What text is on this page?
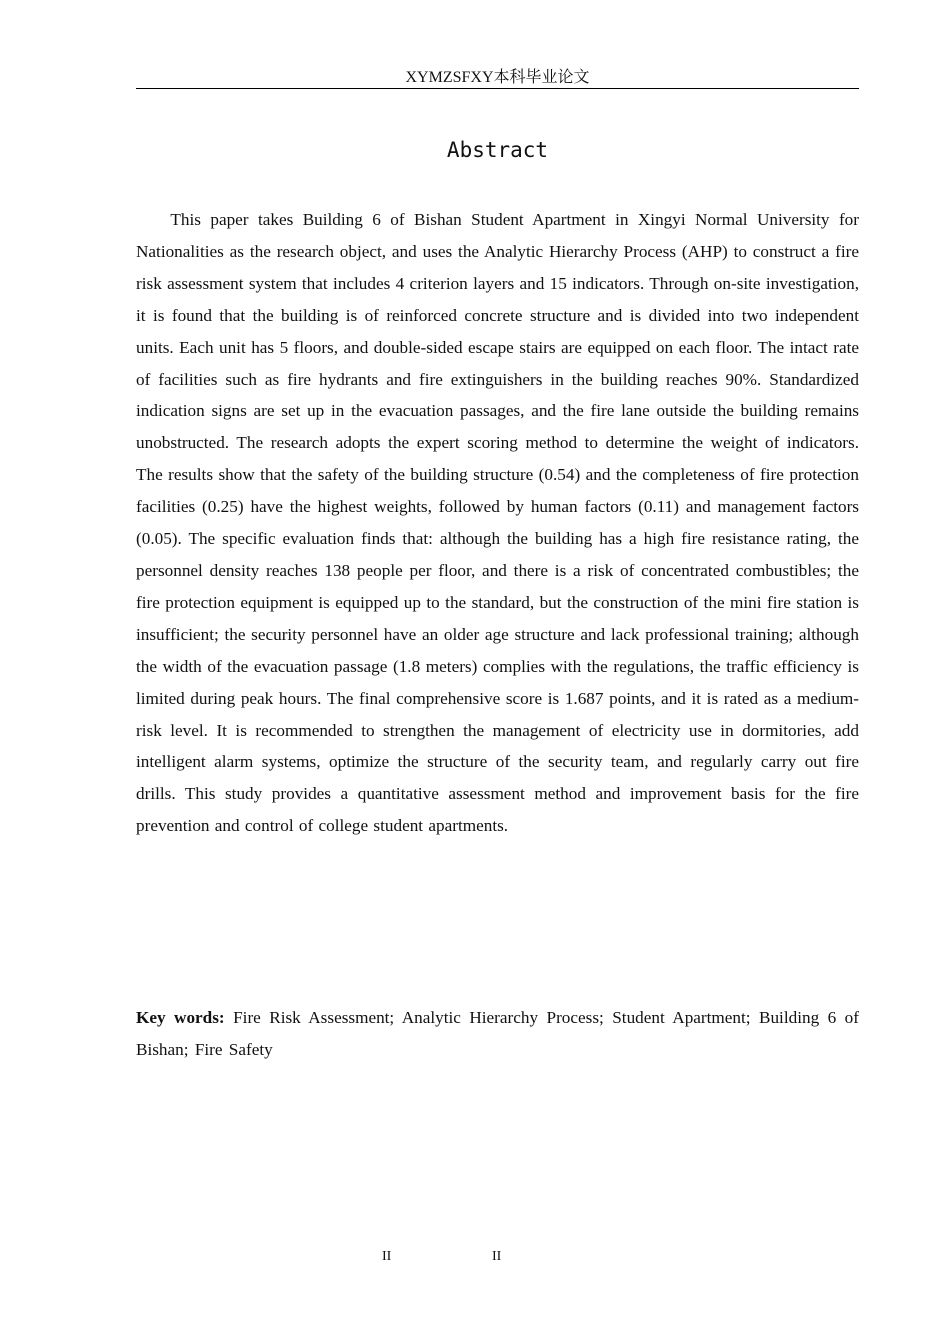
XYMZSFXY本科毕业论文
Abstract

This paper takes Building 6 of Bishan Student Apartment in Xingyi Normal University for Nationalities as the research object, and uses the Analytic Hierarchy Process (AHP) to construct a fire risk assessment system that includes 4 criterion layers and 15 indicators. Through on-site investigation, it is found that the building is of reinforced concrete structure and is divided into two independent units. Each unit has 5 floors, and double-sided escape stairs are equipped on each floor. The intact rate of facilities such as fire hydrants and fire extinguishers in the building reaches 90%. Standardized indication signs are set up in the evacuation passages, and the fire lane outside the building remains unobstructed. The research adopts the expert scoring method to determine the weight of indicators. The results show that the safety of the building structure (0.54) and the completeness of fire protection facilities (0.25) have the highest weights, followed by human factors (0.11) and management factors (0.05). The specific evaluation finds that: although the building has a high fire resistance rating, the personnel density reaches 138 people per floor, and there is a risk of concentrated combustibles; the fire protection equipment is equipped up to the standard, but the construction of the mini fire station is insufficient; the security personnel have an older age structure and lack professional training; although the width of the evacuation passage (1.8 meters) complies with the regulations, the traffic efficiency is limited during peak hours. The final comprehensive score is 1.687 points, and it is rated as a medium-risk level. It is recommended to strengthen the management of electricity use in dormitories, add intelligent alarm systems, optimize the structure of the security team, and regularly carry out fire drills. This study provides a quantitative assessment method and improvement basis for the fire prevention and control of college student apartments.

Key words: Fire Risk Assessment; Analytic Hierarchy Process; Student Apartment; Building 6 of Bishan; Fire Safety

II	II
